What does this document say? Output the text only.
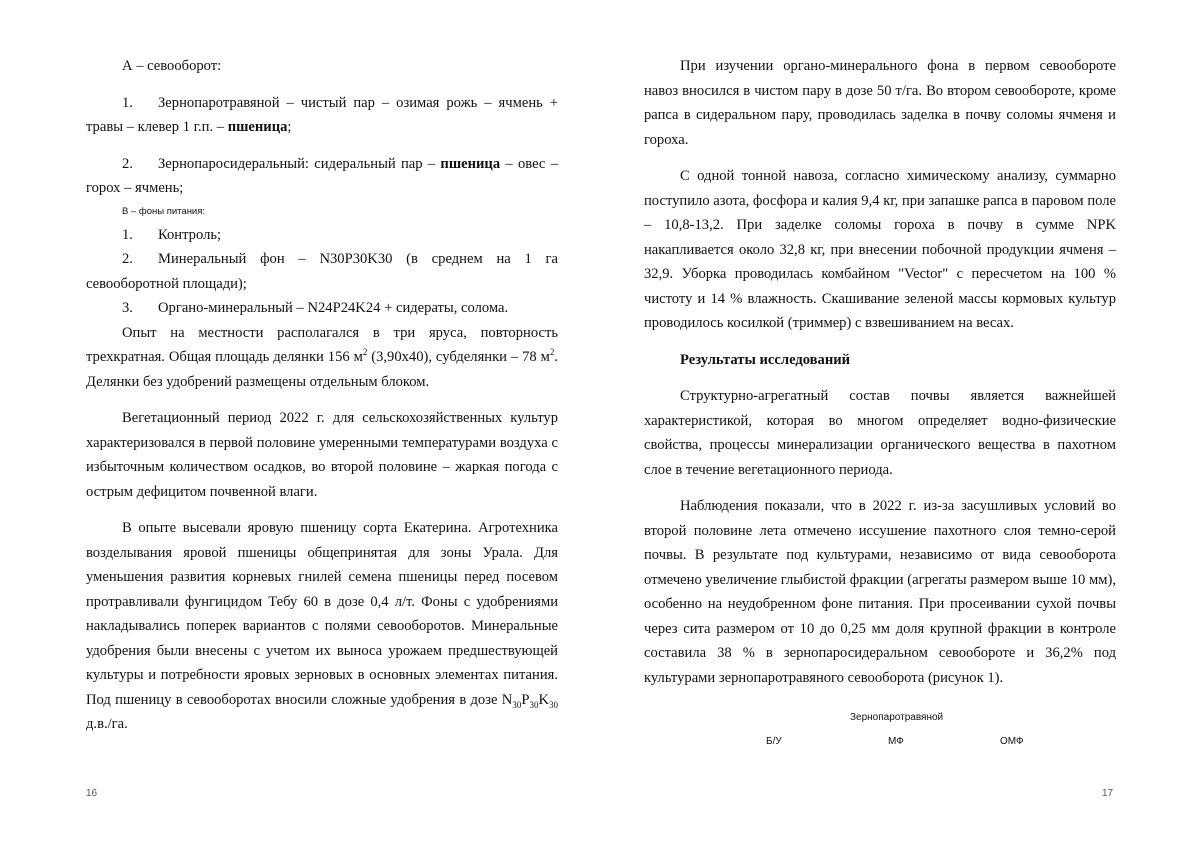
А – севооборот:

1. Зернопаротравяной – чистый пар – озимая рожь – ячмень + травы – клевер 1 г.п. – пшеница;

2. Зернопаросидеральный: сидеральный пар – пшеница – овес – горох – ячмень;

В – фоны питания:

1. Контроль;

2. Минеральный фон – N30P30K30 (в среднем на 1 га севооборотной площади);

3. Органо-минеральный – N24P24K24 + сидераты, солома.

Опыт на местности располагался в три яруса, повторность трехкратная. Общая площадь делянки 156 м2 (3,90х40), субделянки – 78 м2. Делянки без удобрений размещены отдельным блоком.

Вегетационный период 2022 г. для сельскохозяйственных культур характеризовался в первой половине умеренными температурами воздуха с избыточным количеством осадков, во второй половине – жаркая погода с острым дефицитом почвенной влаги.

В опыте высевали яровую пшеницу сорта Екатерина. Агротехника возделывания яровой пшеницы общепринятая для зоны Урала. Для уменьшения развития корневых гнилей семена пшеницы перед посевом протравливали фунгицидом Тебу 60 в дозе 0,4 л/т. Фоны с удобрениями накладывались поперек вариантов с полями севооборотов. Минеральные удобрения были внесены с учетом их выноса урожаем предшествующей культуры и потребности яровых зерновых в основных элементах питания. Под пшеницу в севооборотах вносили сложные удобрения в дозе N30P30K30 д.в./га.

16

При изучении органо-минерального фона в первом севообороте навоз вносился в чистом пару в дозе 50 т/га. Во втором севообороте, кроме рапса в сидеральном пару, проводилась заделка в почву соломы ячменя и гороха.

С одной тонной навоза, согласно химическому анализу, суммарно поступило азота, фосфора и калия 9,4 кг, при запашке рапса в паровом поле – 10,8-13,2. При заделке соломы гороха в почву в сумме NPK накапливается около 32,8 кг, при внесении побочной продукции ячменя – 32,9. Уборка проводилась комбайном "Vector" с пересчетом на 100 % чистоту и 14 % влажность. Скашивание зеленой массы кормовых культур проводилось косилкой (триммер) с взвешиванием на весах.

Результаты исследований

Структурно-агрегатный состав почвы является важнейшей характеристикой, которая во многом определяет водно-физические свойства, процессы минерализации органического вещества в пахотном слое в течение вегетационного периода.

Наблюдения показали, что в 2022 г. из-за засушливых условий во второй половине лета отмечено иссушение пахотного слоя темно-серой почвы. В результате под культурами, независимо от вида севооборота отмечено увеличение глыбистой фракции (агрегаты размером выше 10 мм), особенно на неудобренном фоне питания. При просеивании сухой почвы через сита размером от 10 до 0,25 мм доля крупной фракции в контроле составила 38 % в зернопаросидеральном севообороте и 36,2% под культурами зернопаротравяного севооборота (рисунок 1).

Зернопаротравяной
Б/У	МФ	ОМФ
17
